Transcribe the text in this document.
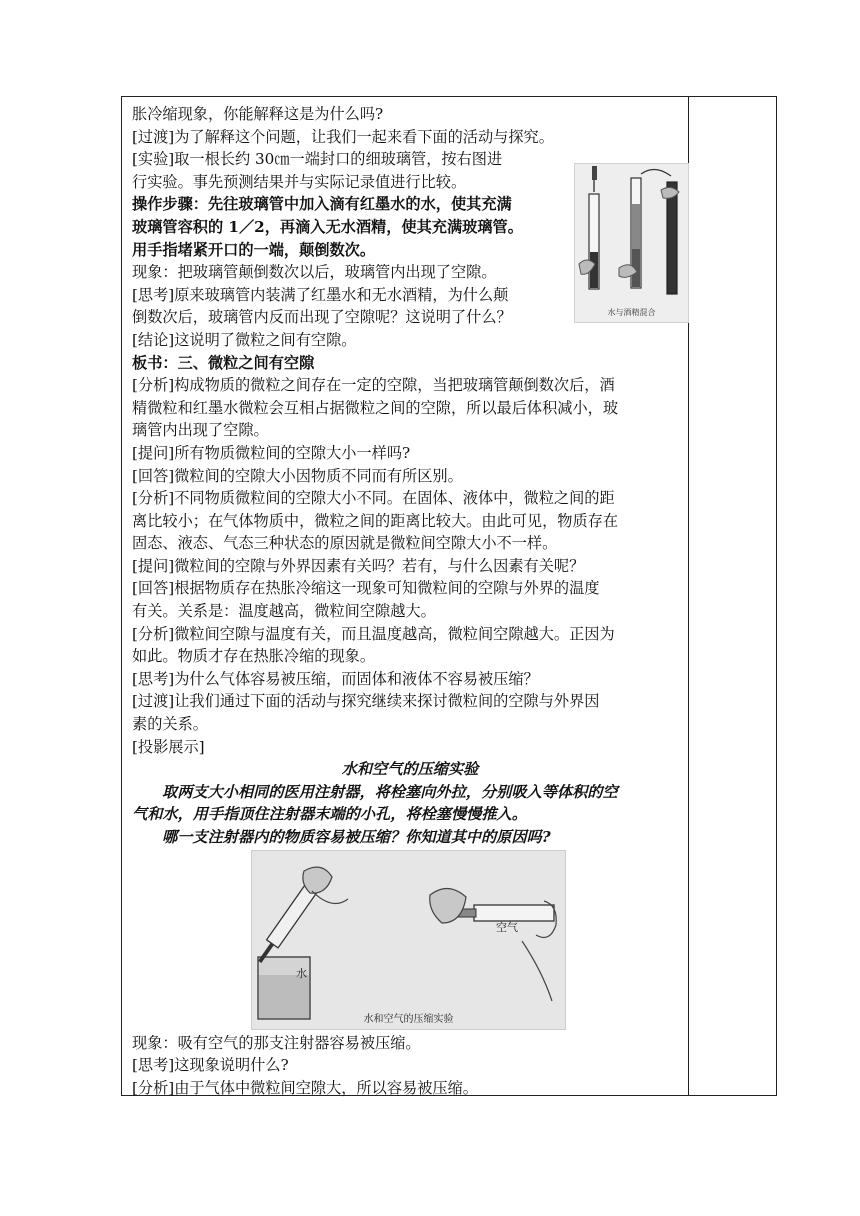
胀冷缩现象，你能解释这是为什么吗?
[过渡]为了解释这个问题，让我们一起来看下面的活动与探究。
[实验]取一根长约 30㎝一端封口的细玻璃管，按右图进
行实验。事先预测结果并与实际记录值进行比较。
操作步骤：先往玻璃管中加入滴有红墨水的水，使其充满
玻璃管容积的 1／2，再滴入无水酒精，使其充满玻璃管。
用手指堵紧开口的一端，颠倒数次。
现象：把玻璃管颠倒数次以后，玻璃管内出现了空隙。
[思考]原来玻璃管内装满了红墨水和无水酒精，为什么颠
倒数次后，玻璃管内反而出现了空隙呢？这说明了什么？
[结论]这说明了微粒之间有空隙。
板书：三、微粒之间有空隙
[分析]构成物质的微粒之间存在一定的空隙，当把玻璃管颠倒数次后，酒
精微粒和红墨水微粒会互相占据微粒之间的空隙，所以最后体积减小，玻
璃管内出现了空隙。
[提问]所有物质微粒间的空隙大小一样吗?
[回答]微粒间的空隙大小因物质不同而有所区别。
[分析]不同物质微粒间的空隙大小不同。在固体、液体中，微粒之间的距
离比较小；在气体物质中，微粒之间的距离比较大。由此可见，物质存在
固态、液态、气态三种状态的原因就是微粒间空隙大小不一样。
[提问]微粒间的空隙与外界因素有关吗？若有，与什么因素有关呢？
[回答]根据物质存在热胀冷缩这一现象可知微粒间的空隙与外界的温度
有关。关系是：温度越高，微粒间空隙越大。
[分析]微粒间空隙与温度有关，而且温度越高，微粒间空隙越大。正因为
如此。物质才存在热胀冷缩的现象。
[思考]为什么气体容易被压缩，而固体和液体不容易被压缩？
[过渡]让我们通过下面的活动与探究继续来探讨微粒间的空隙与外界因
素的关系。
[投影展示]
水和空气的压缩实验
取两支大小相同的医用注射器，将栓塞向外拉，分别吸入等体积的空
气和水，用手指顶住注射器末端的小孔，将栓塞慢慢推入。
哪一支注射器内的物质容易被压缩？你知道其中的原因吗?
现象：吸有空气的那支注射器容易被压缩。
[思考]这现象说明什么?
[分析]由于气体中微粒间空隙大，所以容易被压缩。
水与酒精混合
水
空气
水和空气的压缩实验
